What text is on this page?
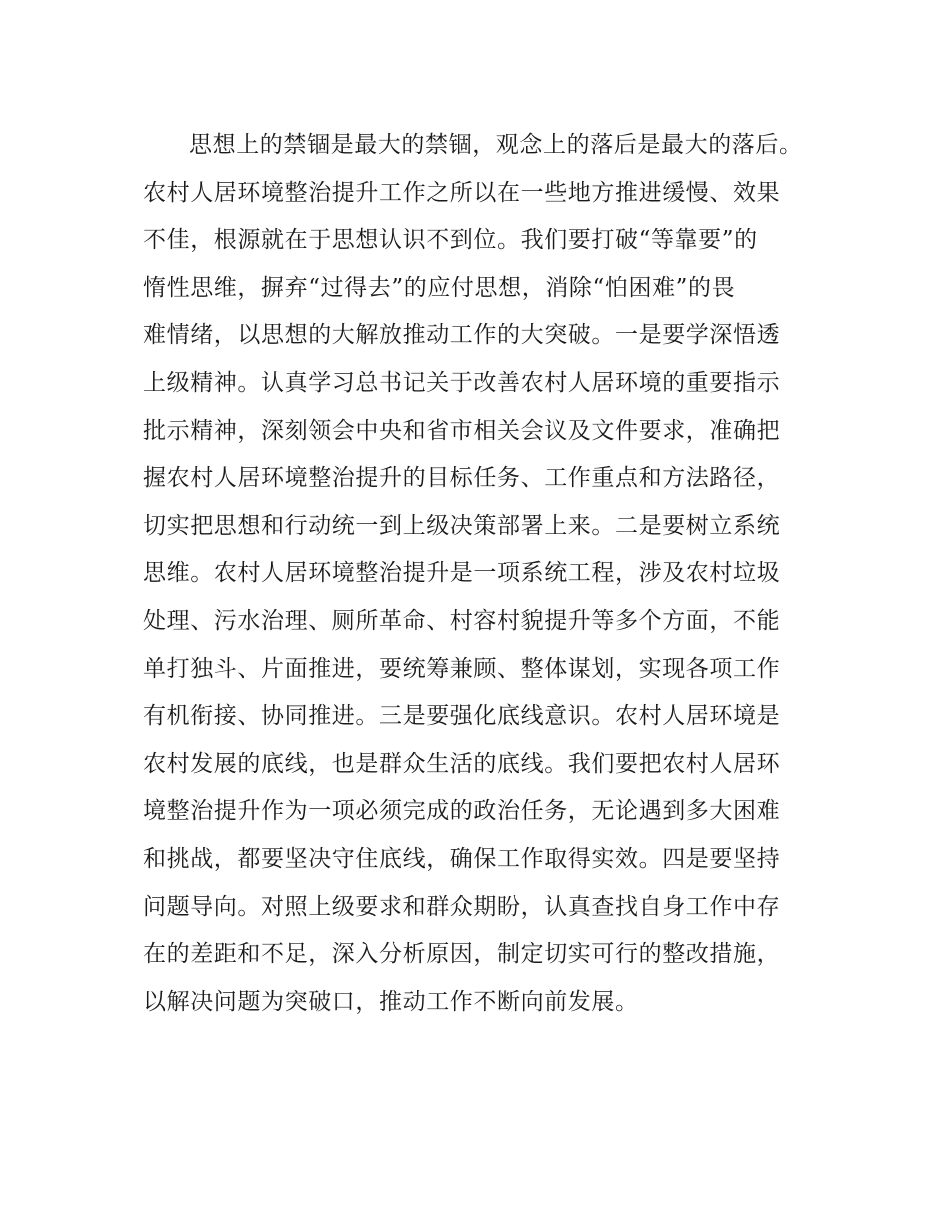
思想上的禁锢是最大的禁锢，观念上的落后是最大的落后。
农村人居环境整治提升工作之所以在一些地方推进缓慢、效果
不佳，根源就在于思想认识不到位。我们要打破“等靠要”的
惰性思维，摒弃“过得去”的应付思想，消除“怕困难”的畏
难情绪，以思想的大解放推动工作的大突破。一是要学深悟透
上级精神。认真学习总书记关于改善农村人居环境的重要指示
批示精神，深刻领会中央和省市相关会议及文件要求，准确把
握农村人居环境整治提升的目标任务、工作重点和方法路径，
切实把思想和行动统一到上级决策部署上来。二是要树立系统
思维。农村人居环境整治提升是一项系统工程，涉及农村垃圾
处理、污水治理、厕所革命、村容村貌提升等多个方面，不能
单打独斗、片面推进，要统筹兼顾、整体谋划，实现各项工作
有机衔接、协同推进。三是要强化底线意识。农村人居环境是
农村发展的底线，也是群众生活的底线。我们要把农村人居环
境整治提升作为一项必须完成的政治任务，无论遇到多大困难
和挑战，都要坚决守住底线，确保工作取得实效。四是要坚持
问题导向。对照上级要求和群众期盼，认真查找自身工作中存
在的差距和不足，深入分析原因，制定切实可行的整改措施，
以解决问题为突破口，推动工作不断向前发展。
